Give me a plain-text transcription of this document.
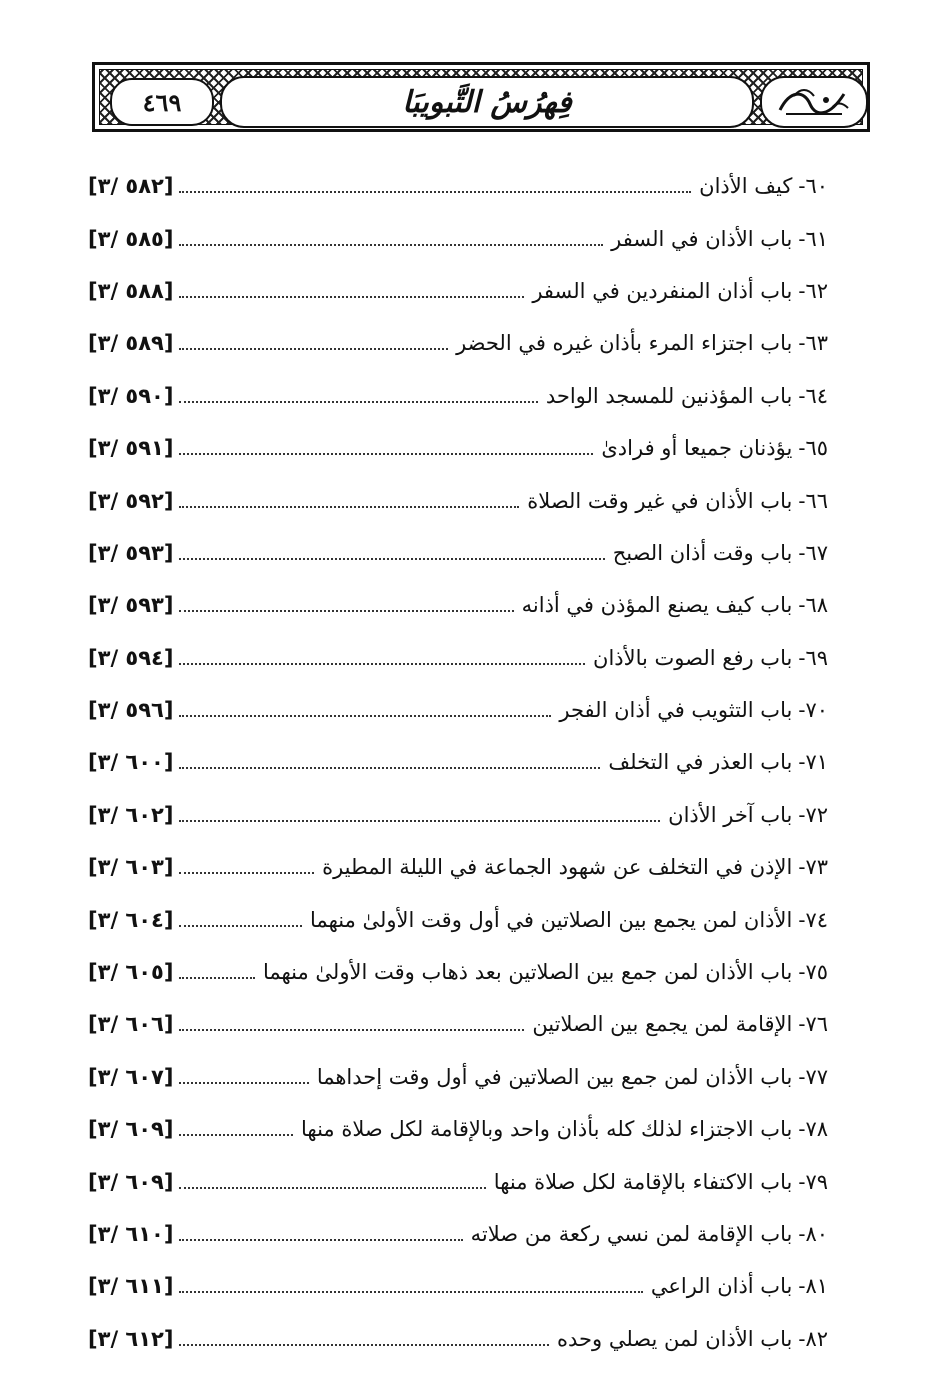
٤٦٩	فِهرُسُ التَّبويبَا
٦٠-
كيف الأذان
[٥٨٢ /٣]
٦١-
باب الأذان في السفر
[٥٨٥ /٣]
٦٢-
باب أذان المنفردين في السفر
[٥٨٨ /٣]
٦٣-
باب اجتزاء المرء بأذان غيره في الحضر
[٥٨٩ /٣]
٦٤-
باب المؤذنين للمسجد الواحد
[٥٩٠ /٣]
٦٥-
يؤذنان جميعا أو فرادىٰ
[٥٩١ /٣]
٦٦-
باب الأذان في غير وقت الصلاة
[٥٩٢ /٣]
٦٧-
باب وقت أذان الصبح
[٥٩٣ /٣]
٦٨-
باب كيف يصنع المؤذن في أذانه
[٥٩٣ /٣]
٦٩-
باب رفع الصوت بالأذان
[٥٩٤ /٣]
٧٠-
باب التثويب في أذان الفجر
[٥٩٦ /٣]
٧١-
باب العذر في التخلف
[٦٠٠ /٣]
٧٢-
باب آخر الأذان
[٦٠٢ /٣]
٧٣-
الإذن في التخلف عن شهود الجماعة في الليلة المطيرة
[٦٠٣ /٣]
٧٤-
الأذان لمن يجمع بين الصلاتين في أول وقت الأولىٰ منهما
[٦٠٤ /٣]
٧٥-
باب الأذان لمن جمع بين الصلاتين بعد ذهاب وقت الأولىٰ منهما
[٦٠٥ /٣]
٧٦-
الإقامة لمن يجمع بين الصلاتين
[٦٠٦ /٣]
٧٧-
باب الأذان لمن جمع بين الصلاتين في أول وقت إحداهما
[٦٠٧ /٣]
٧٨-
باب الاجتزاء لذلك كله بأذان واحد وبالإقامة لكل صلاة منها
[٦٠٩ /٣]
٧٩-
باب الاكتفاء بالإقامة لكل صلاة منها
[٦٠٩ /٣]
٨٠-
باب الإقامة لمن نسي ركعة من صلاته
[٦١٠ /٣]
٨١-
باب أذان الراعي
[٦١١ /٣]
٨٢-
باب الأذان لمن يصلي وحده
[٦١٢ /٣]
